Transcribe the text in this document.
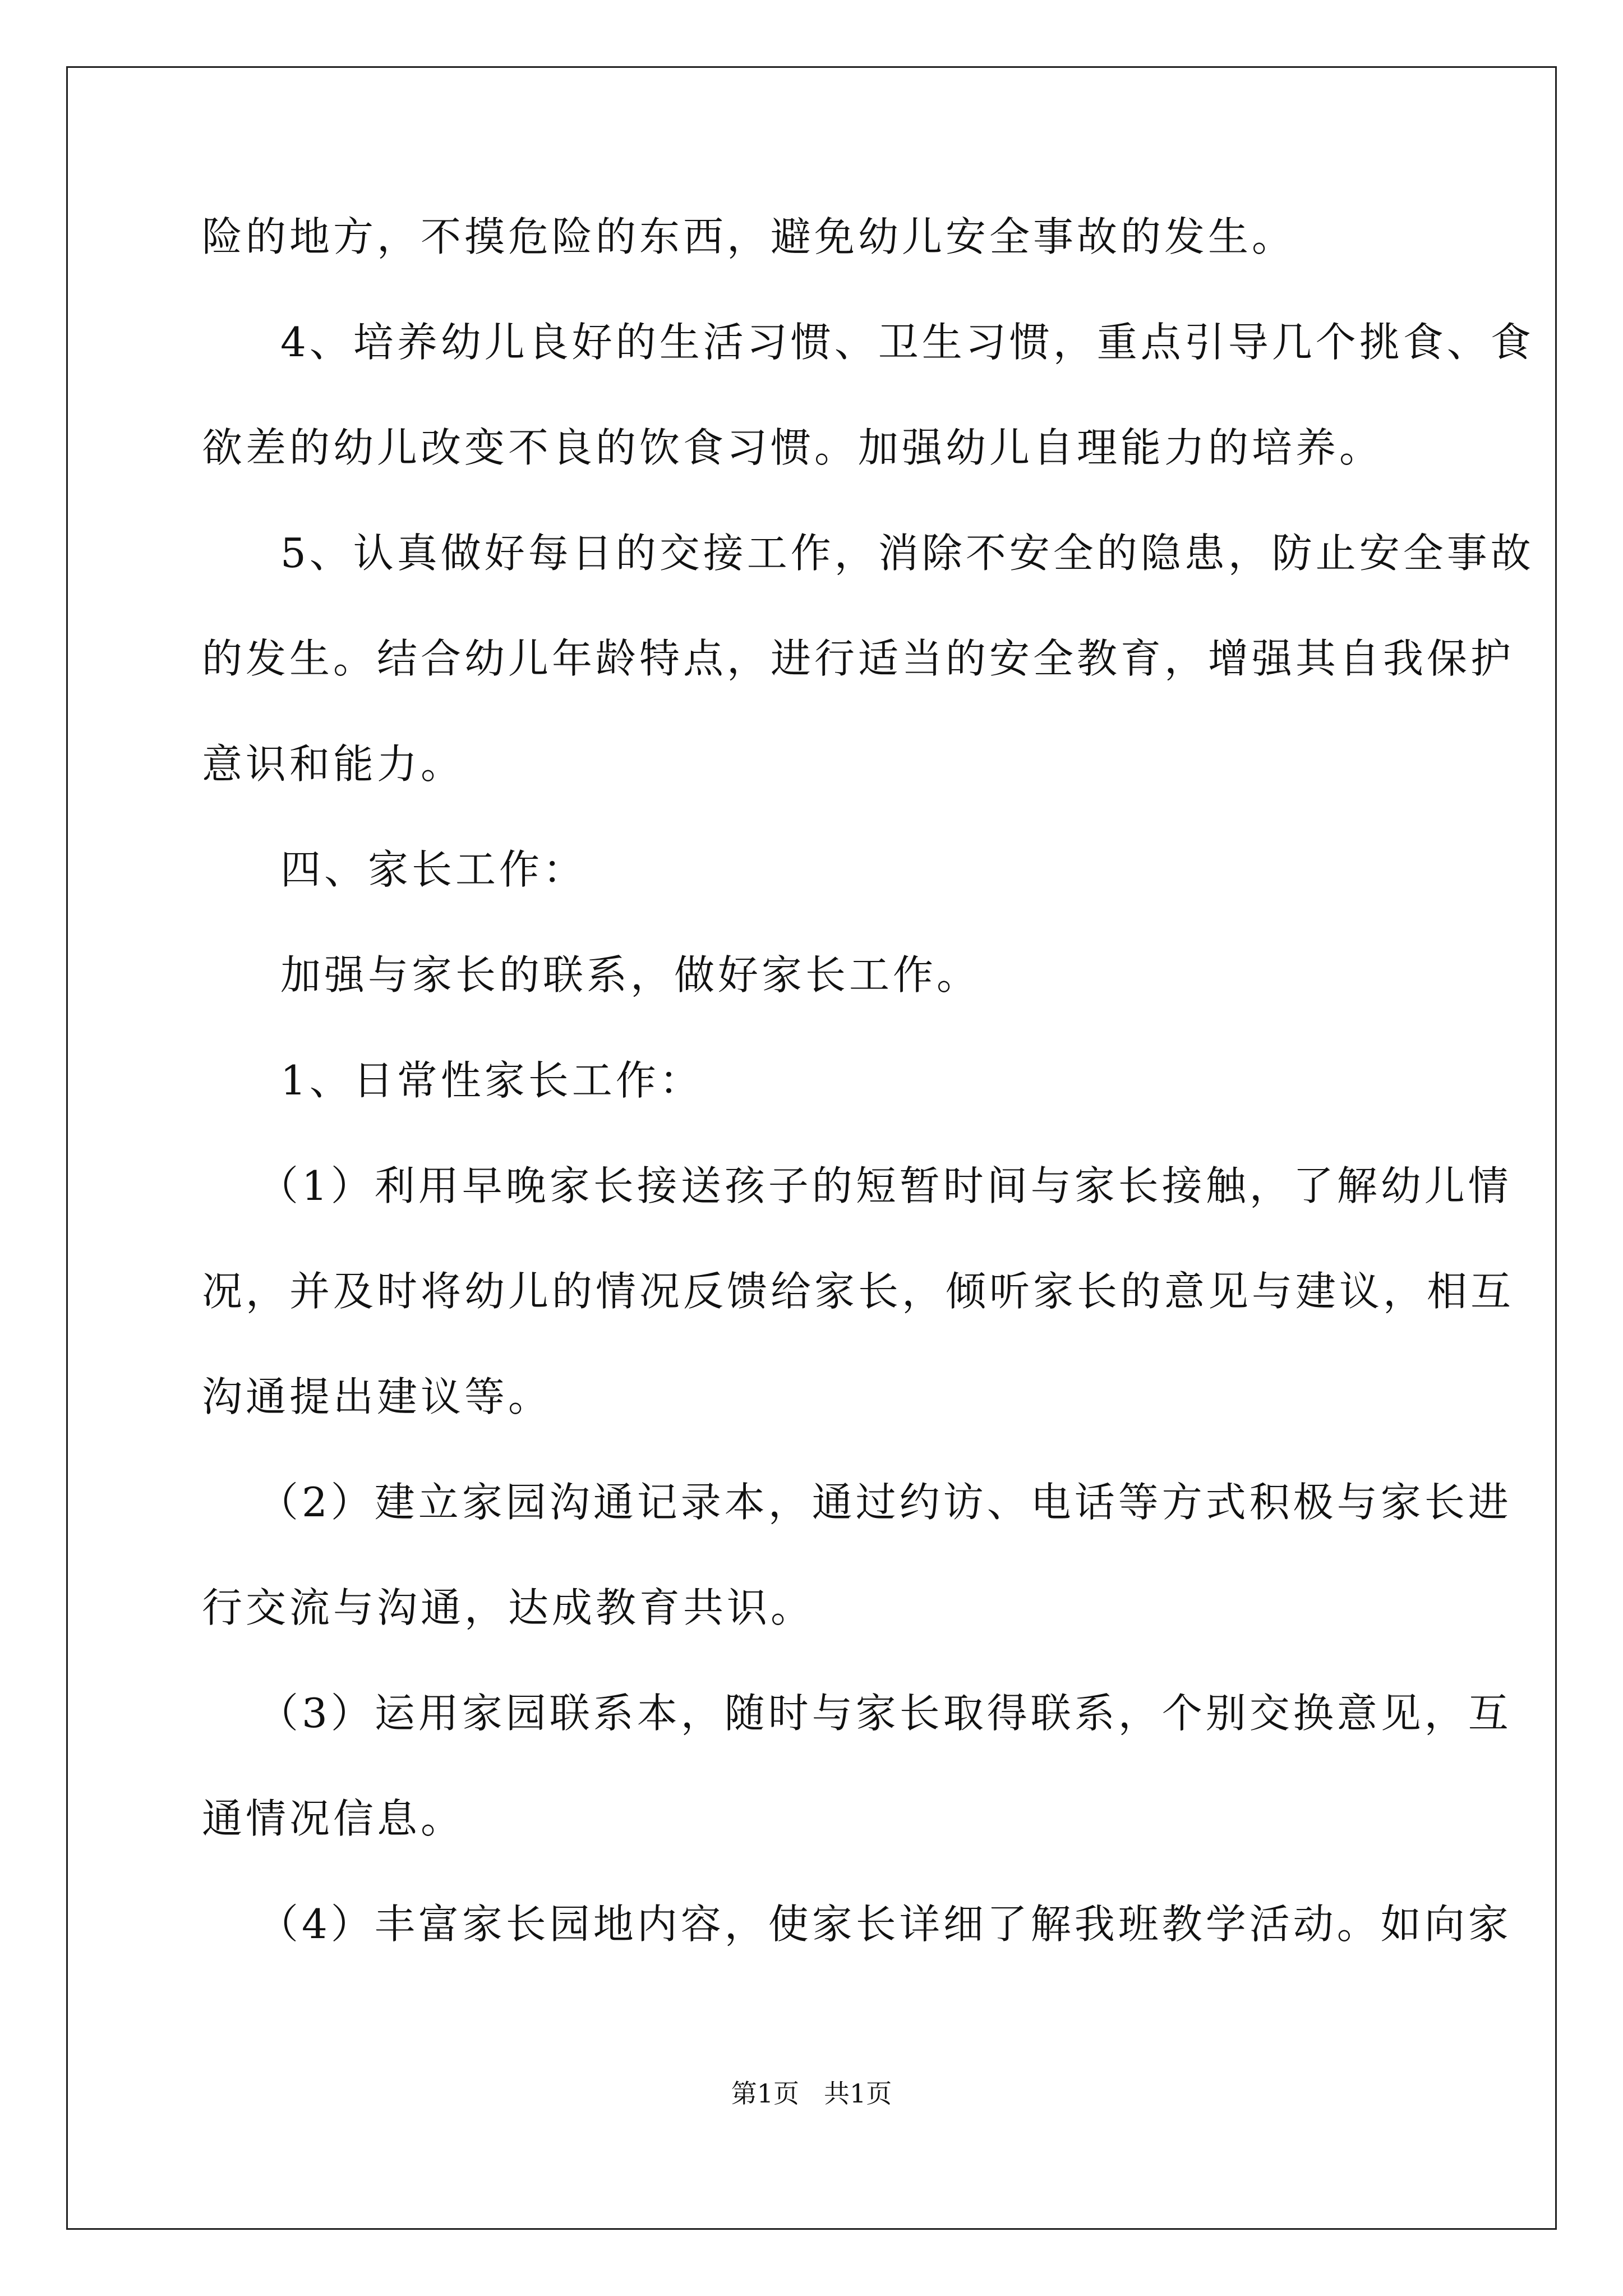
险的地方，不摸危险的东西，避免幼儿安全事故的发生。
4、培养幼儿良好的生活习惯、卫生习惯，重点引导几个挑食、食
欲差的幼儿改变不良的饮食习惯。加强幼儿自理能力的培养。
5、认真做好每日的交接工作，消除不安全的隐患，防止安全事故
的发生。结合幼儿年龄特点，进行适当的安全教育，增强其自我保护
意识和能力。
四、家长工作：
加强与家长的联系，做好家长工作。
1、日常性家长工作：
（1）利用早晚家长接送孩子的短暂时间与家长接触，了解幼儿情
况，并及时将幼儿的情况反馈给家长，倾听家长的意见与建议，相互
沟通提出建议等。
（2）建立家园沟通记录本，通过约访、电话等方式积极与家长进
行交流与沟通，达成教育共识。
（3）运用家园联系本，随时与家长取得联系，个别交换意见，互
通情况信息。
（4）丰富家长园地内容，使家长详细了解我班教学活动。如向家
第1页 共1页
